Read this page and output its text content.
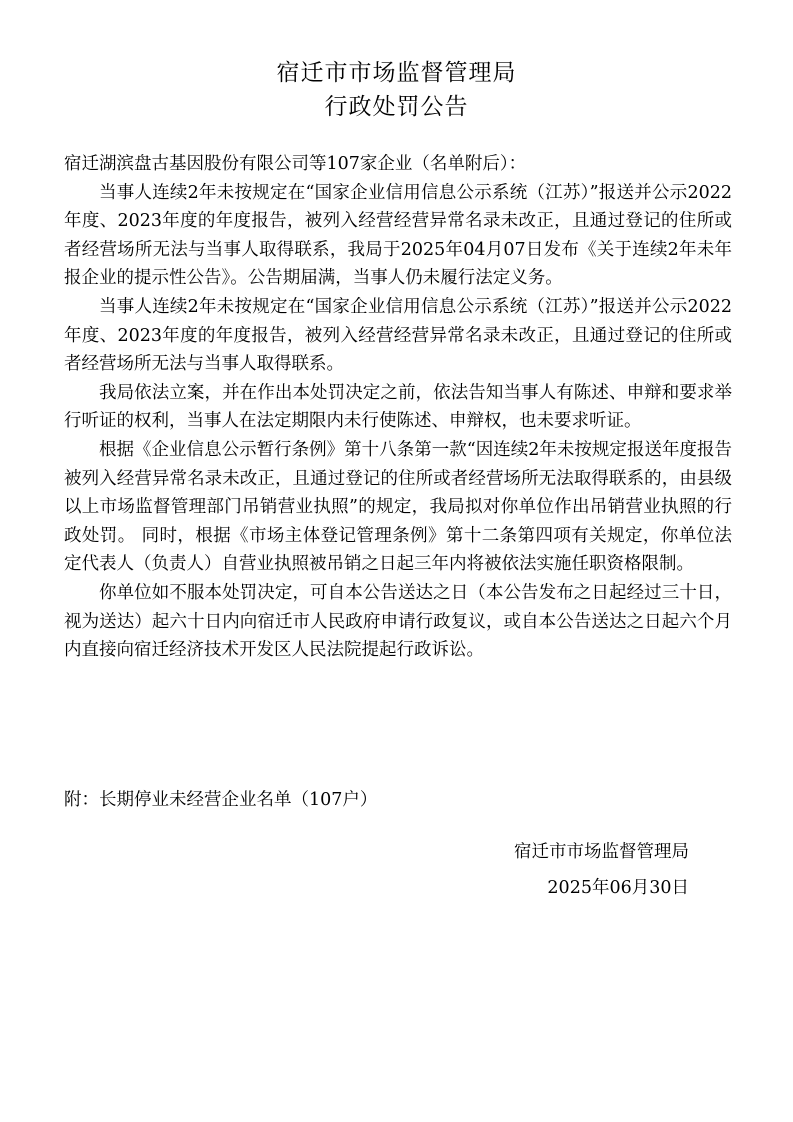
宿迁市市场监督管理局
行政处罚公告

宿迁湖滨盘古基因股份有限公司等107家企业（名单附后）：

当事人连续2年未按规定在“国家企业信用信息公示系统（江苏）”报送并公示2022年度、2023年度的年度报告，被列入经营经营异常名录未改正，且通过登记的住所或者经营场所无法与当事人取得联系，我局于2025年04月07日发布《关于连续2年未年报企业的提示性公告》。公告期届满，当事人仍未履行法定义务。

当事人连续2年未按规定在“国家企业信用信息公示系统（江苏）”报送并公示2022年度、2023年度的年度报告，被列入经营经营异常名录未改正，且通过登记的住所或者经营场所无法与当事人取得联系。

我局依法立案，并在作出本处罚决定之前，依法告知当事人有陈述、申辩和要求举行听证的权利，当事人在法定期限内未行使陈述、申辩权，也未要求听证。

根据《企业信息公示暂行条例》第十八条第一款“因连续2年未按规定报送年度报告被列入经营异常名录未改正，且通过登记的住所或者经营场所无法取得联系的，由县级以上市场监督管理部门吊销营业执照”的规定，我局拟对你单位作出吊销营业执照的行政处罚。 同时，根据《市场主体登记管理条例》第十二条第四项有关规定，你单位法定代表人（负责人）自营业执照被吊销之日起三年内将被依法实施任职资格限制。

你单位如不服本处罚决定，可自本公告送达之日（本公告发布之日起经过三十日，视为送达）起六十日内向宿迁市人民政府申请行政复议，或自本公告送达之日起六个月内直接向宿迁经济技术开发区人民法院提起行政诉讼。

附：长期停业未经营企业名单（107户）
宿迁市市场监督管理局
2025年06月30日
